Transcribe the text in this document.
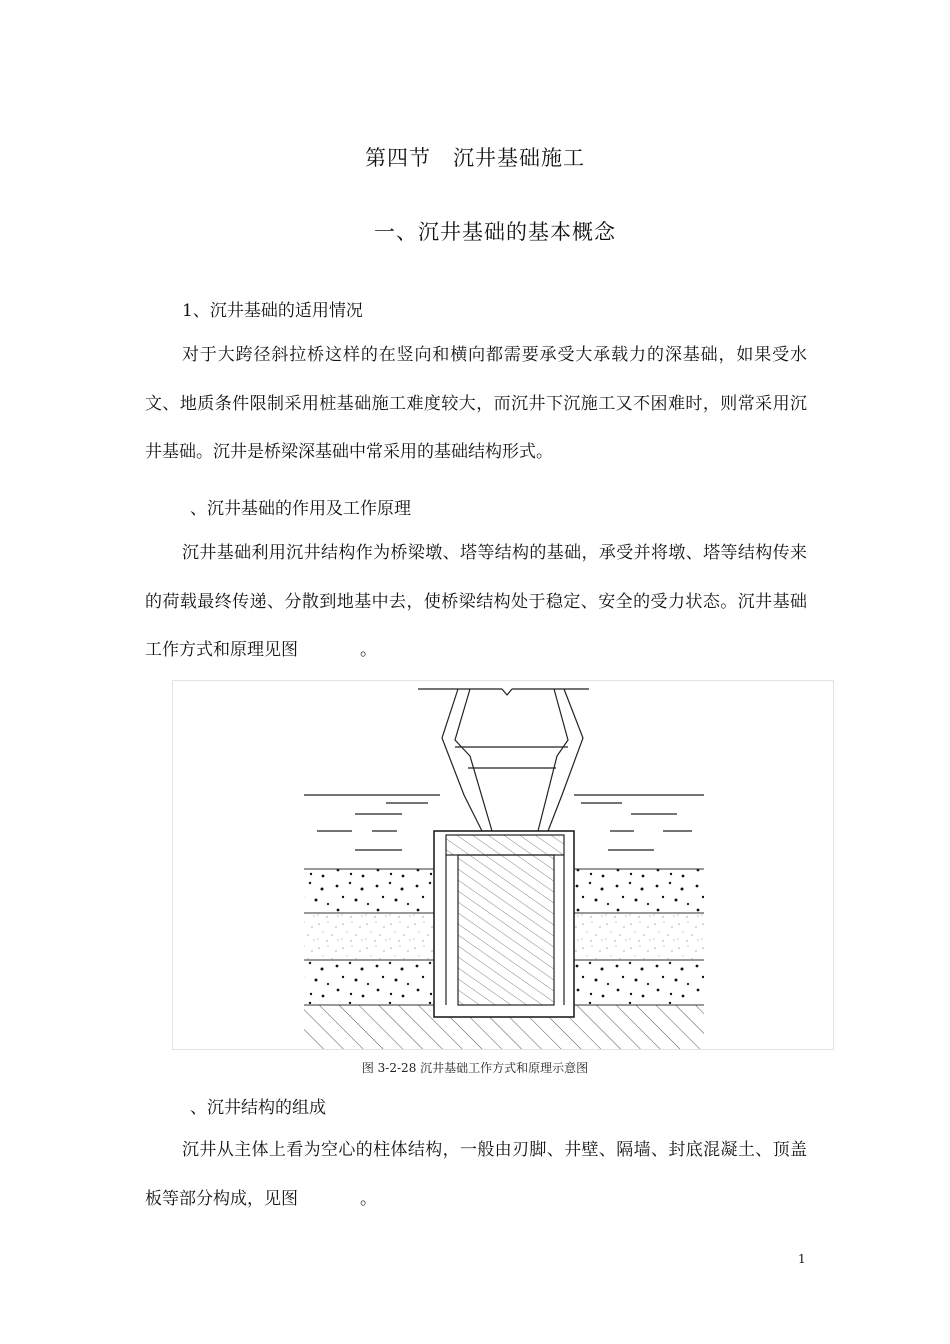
第四节　沉井基础施工
一、沉井基础的基本概念
1、沉井基础的适用情况

对于大跨径斜拉桥这样的在竖向和横向都需要承受大承载力的深基础，如果受水文、地质条件限制采用桩基础施工难度较大，而沉井下沉施工又不困难时，则常采用沉井基础。沉井是桥梁深基础中常采用的基础结构形式。

、沉井基础的作用及工作原理

沉井基础利用沉井结构作为桥梁墩、塔等结构的基础，承受并将墩、塔等结构传来的荷载最终传递、分散到地基中去，使桥梁结构处于稳定、安全的受力状态。沉井基础工作方式和原理见图	。

图 3-2-28 沉井基础工作方式和原理示意图
、沉井结构的组成

沉井从主体上看为空心的柱体结构，一般由刃脚、井壁、隔墙、封底混凝土、顶盖板等部分构成，见图	。

1
